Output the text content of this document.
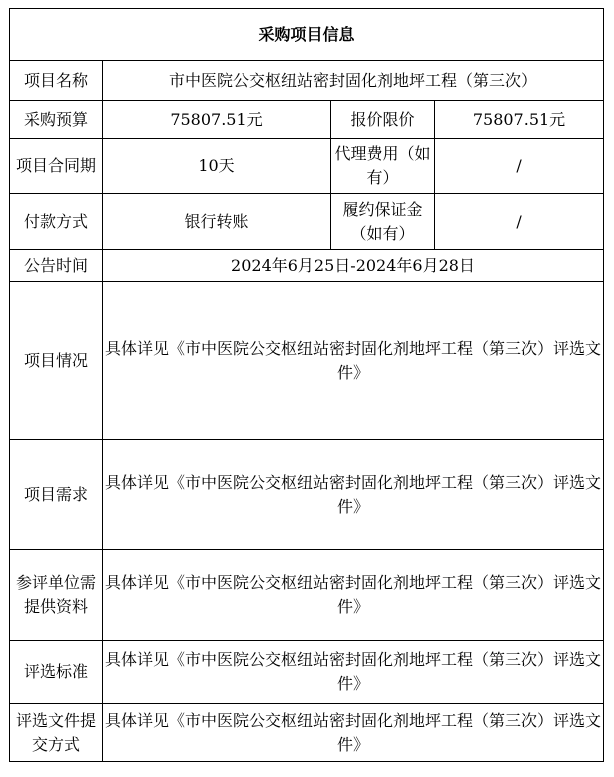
采购项目信息			
项目名称	市中医院公交枢纽站密封固化剂地坪工程（第三次）		
采购预算	75807.51元	报价限价	75807.51元
项目合同期	10天	代理费用（如有）	/
付款方式	银行转账	履约保证金（如有）	/
公告时间	2024年6月25日-2024年6月28日		
项目情况	具体详见《市中医院公交枢纽站密封固化剂地坪工程（第三次）评选文件》		
项目需求	具体详见《市中医院公交枢纽站密封固化剂地坪工程（第三次）评选文件》		
参评单位需提供资料	具体详见《市中医院公交枢纽站密封固化剂地坪工程（第三次）评选文件》		
评选标准	具体详见《市中医院公交枢纽站密封固化剂地坪工程（第三次）评选文件》		
评选文件提交方式	具体详见《市中医院公交枢纽站密封固化剂地坪工程（第三次）评选文件》		
